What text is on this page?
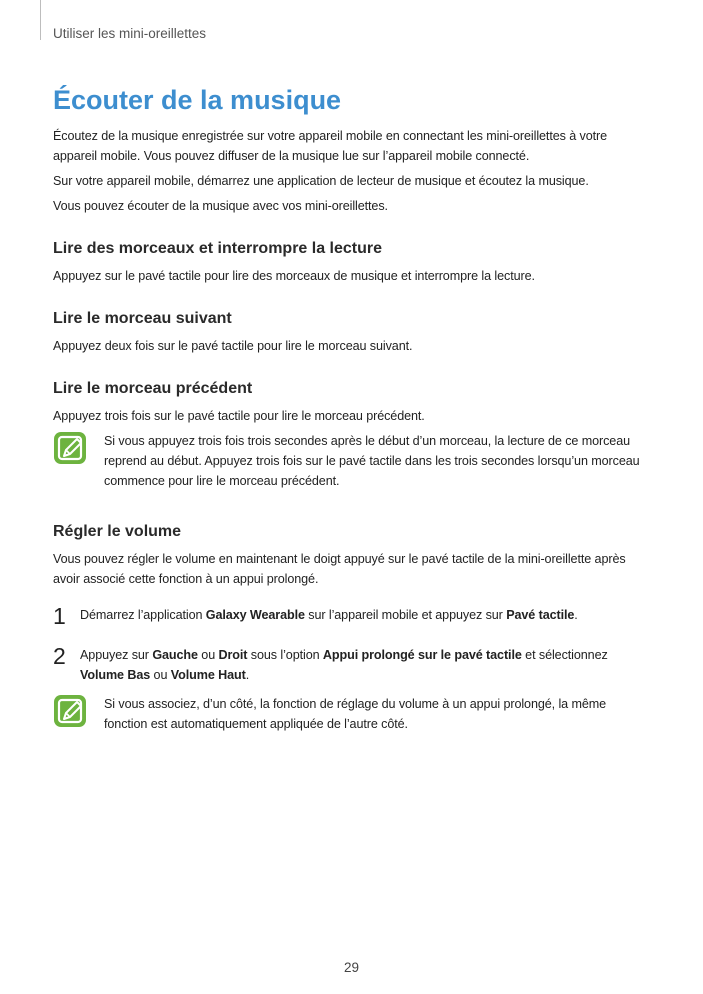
Utiliser les mini-oreillettes
Écouter de la musique

Écoutez de la musique enregistrée sur votre appareil mobile en connectant les mini-oreillettes à votre appareil mobile. Vous pouvez diffuser de la musique lue sur l’appareil mobile connecté.

Sur votre appareil mobile, démarrez une application de lecteur de musique et écoutez la musique.

Vous pouvez écouter de la musique avec vos mini-oreillettes.

Lire des morceaux et interrompre la lecture

Appuyez sur le pavé tactile pour lire des morceaux de musique et interrompre la lecture.

Lire le morceau suivant

Appuyez deux fois sur le pavé tactile pour lire le morceau suivant.

Lire le morceau précédent

Appuyez trois fois sur le pavé tactile pour lire le morceau précédent.

Si vous appuyez trois fois trois secondes après le début d’un morceau, la lecture de ce morceau reprend au début. Appuyez trois fois sur le pavé tactile dans les trois secondes lorsqu’un morceau commence pour lire le morceau précédent.

Régler le volume

Vous pouvez régler le volume en maintenant le doigt appuyé sur le pavé tactile de la mini-oreillette après avoir associé cette fonction à un appui prolongé.

1 Démarrez l’application Galaxy Wearable sur l’appareil mobile et appuyez sur Pavé tactile.

2 Appuyez sur Gauche ou Droit sous l’option Appui prolongé sur le pavé tactile et sélectionnez Volume Bas ou Volume Haut.

Si vous associez, d’un côté, la fonction de réglage du volume à un appui prolongé, la même fonction est automatiquement appliquée de l’autre côté.

29
